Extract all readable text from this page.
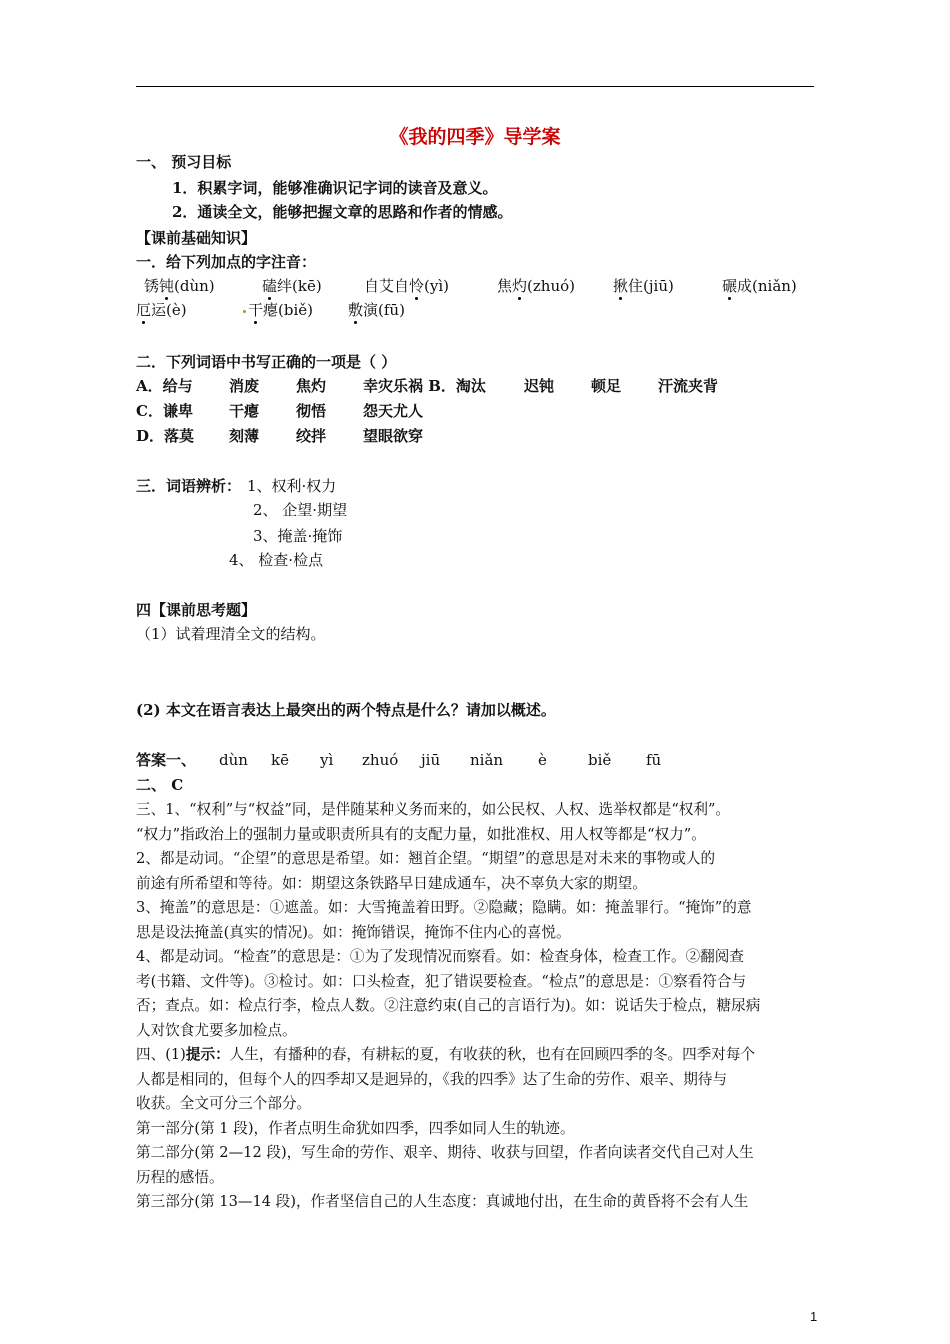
《我的四季》导学案
一、 预习目标
1．积累字词，能够准确识记字词的读音及意义。
2．通读全文，能够把握文章的思路和作者的情感。
【课前基础知识】
一．给下列加点的字注音：
锈钝(dùn)	磕绊(kē)	自艾自怜(yì)	焦灼(zhuó)	揪住(jiū)	碾成(niǎn)
厄运(è)	干瘪(biě) 敷演(fū)
二．下列词语中书写正确的一项是（ ）
A．给与 消废 焦灼 幸灾乐祸 B．淘汰	迟钝 顿足 汗流夹背
C．谦卑 干瘪 彻悟 怨天尤人
D．落莫 刻薄 绞拌 望眼欲穿
三．词语辨析： 1、权利·权力
2、 企望·期望
3、掩盖·掩饰
4、 检查·检点
四【课前思考题】
（1）试着理清全文的结构。
(2) 本文在语言表达上最突出的两个特点是什么？请加以概述。
答案一、 dùn kē yì zhuó jiū niǎn è	biě fū
二、 C
三、1、“权利”与“权益”同，是伴随某种义务而来的，如公民权、人权、选举权都是“权利”。
“权力”指政治上的强制力量或职责所具有的支配力量，如批准权、用人权等都是“权力”。
2、都是动词。“企望”的意思是希望。如：翘首企望。“期望”的意思是对未来的事物或人的
前途有所希望和等待。如：期望这条铁路早日建成通车，决不辜负大家的期望。
3、掩盖”的意思是：①遮盖。如：大雪掩盖着田野。②隐藏；隐瞒。如：掩盖罪行。“掩饰”的意
思是设法掩盖(真实的情况)。如：掩饰错误，掩饰不住内心的喜悦。
4、都是动词。“检查”的意思是：①为了发现情况而察看。如：检查身体，检查工作。②翻阅查
考(书籍、文件等)。③检讨。如：口头检查，犯了错误要检查。“检点”的意思是：①察看符合与
否；查点。如：检点行李，检点人数。②注意约束(自己的言语行为)。如：说话失于检点，糖尿病
人对饮食尤要多加检点。
四、(1)提示：人生，有播种的春，有耕耘的夏，有收获的秋，也有在回顾四季的冬。四季对每个
人都是相同的，但每个人的四季却又是迥异的，《我的四季》达了生命的劳作、艰辛、期待与
收获。全文可分三个部分。
第一部分(第 1 段)，作者点明生命犹如四季，四季如同人生的轨迹。
第二部分(第 2—12 段)，写生命的劳作、艰辛、期待、收获与回望，作者向读者交代自己对人生
历程的感悟。
第三部分(第 13—14 段)，作者坚信自己的人生态度：真诚地付出，在生命的黄昏将不会有人生
1
